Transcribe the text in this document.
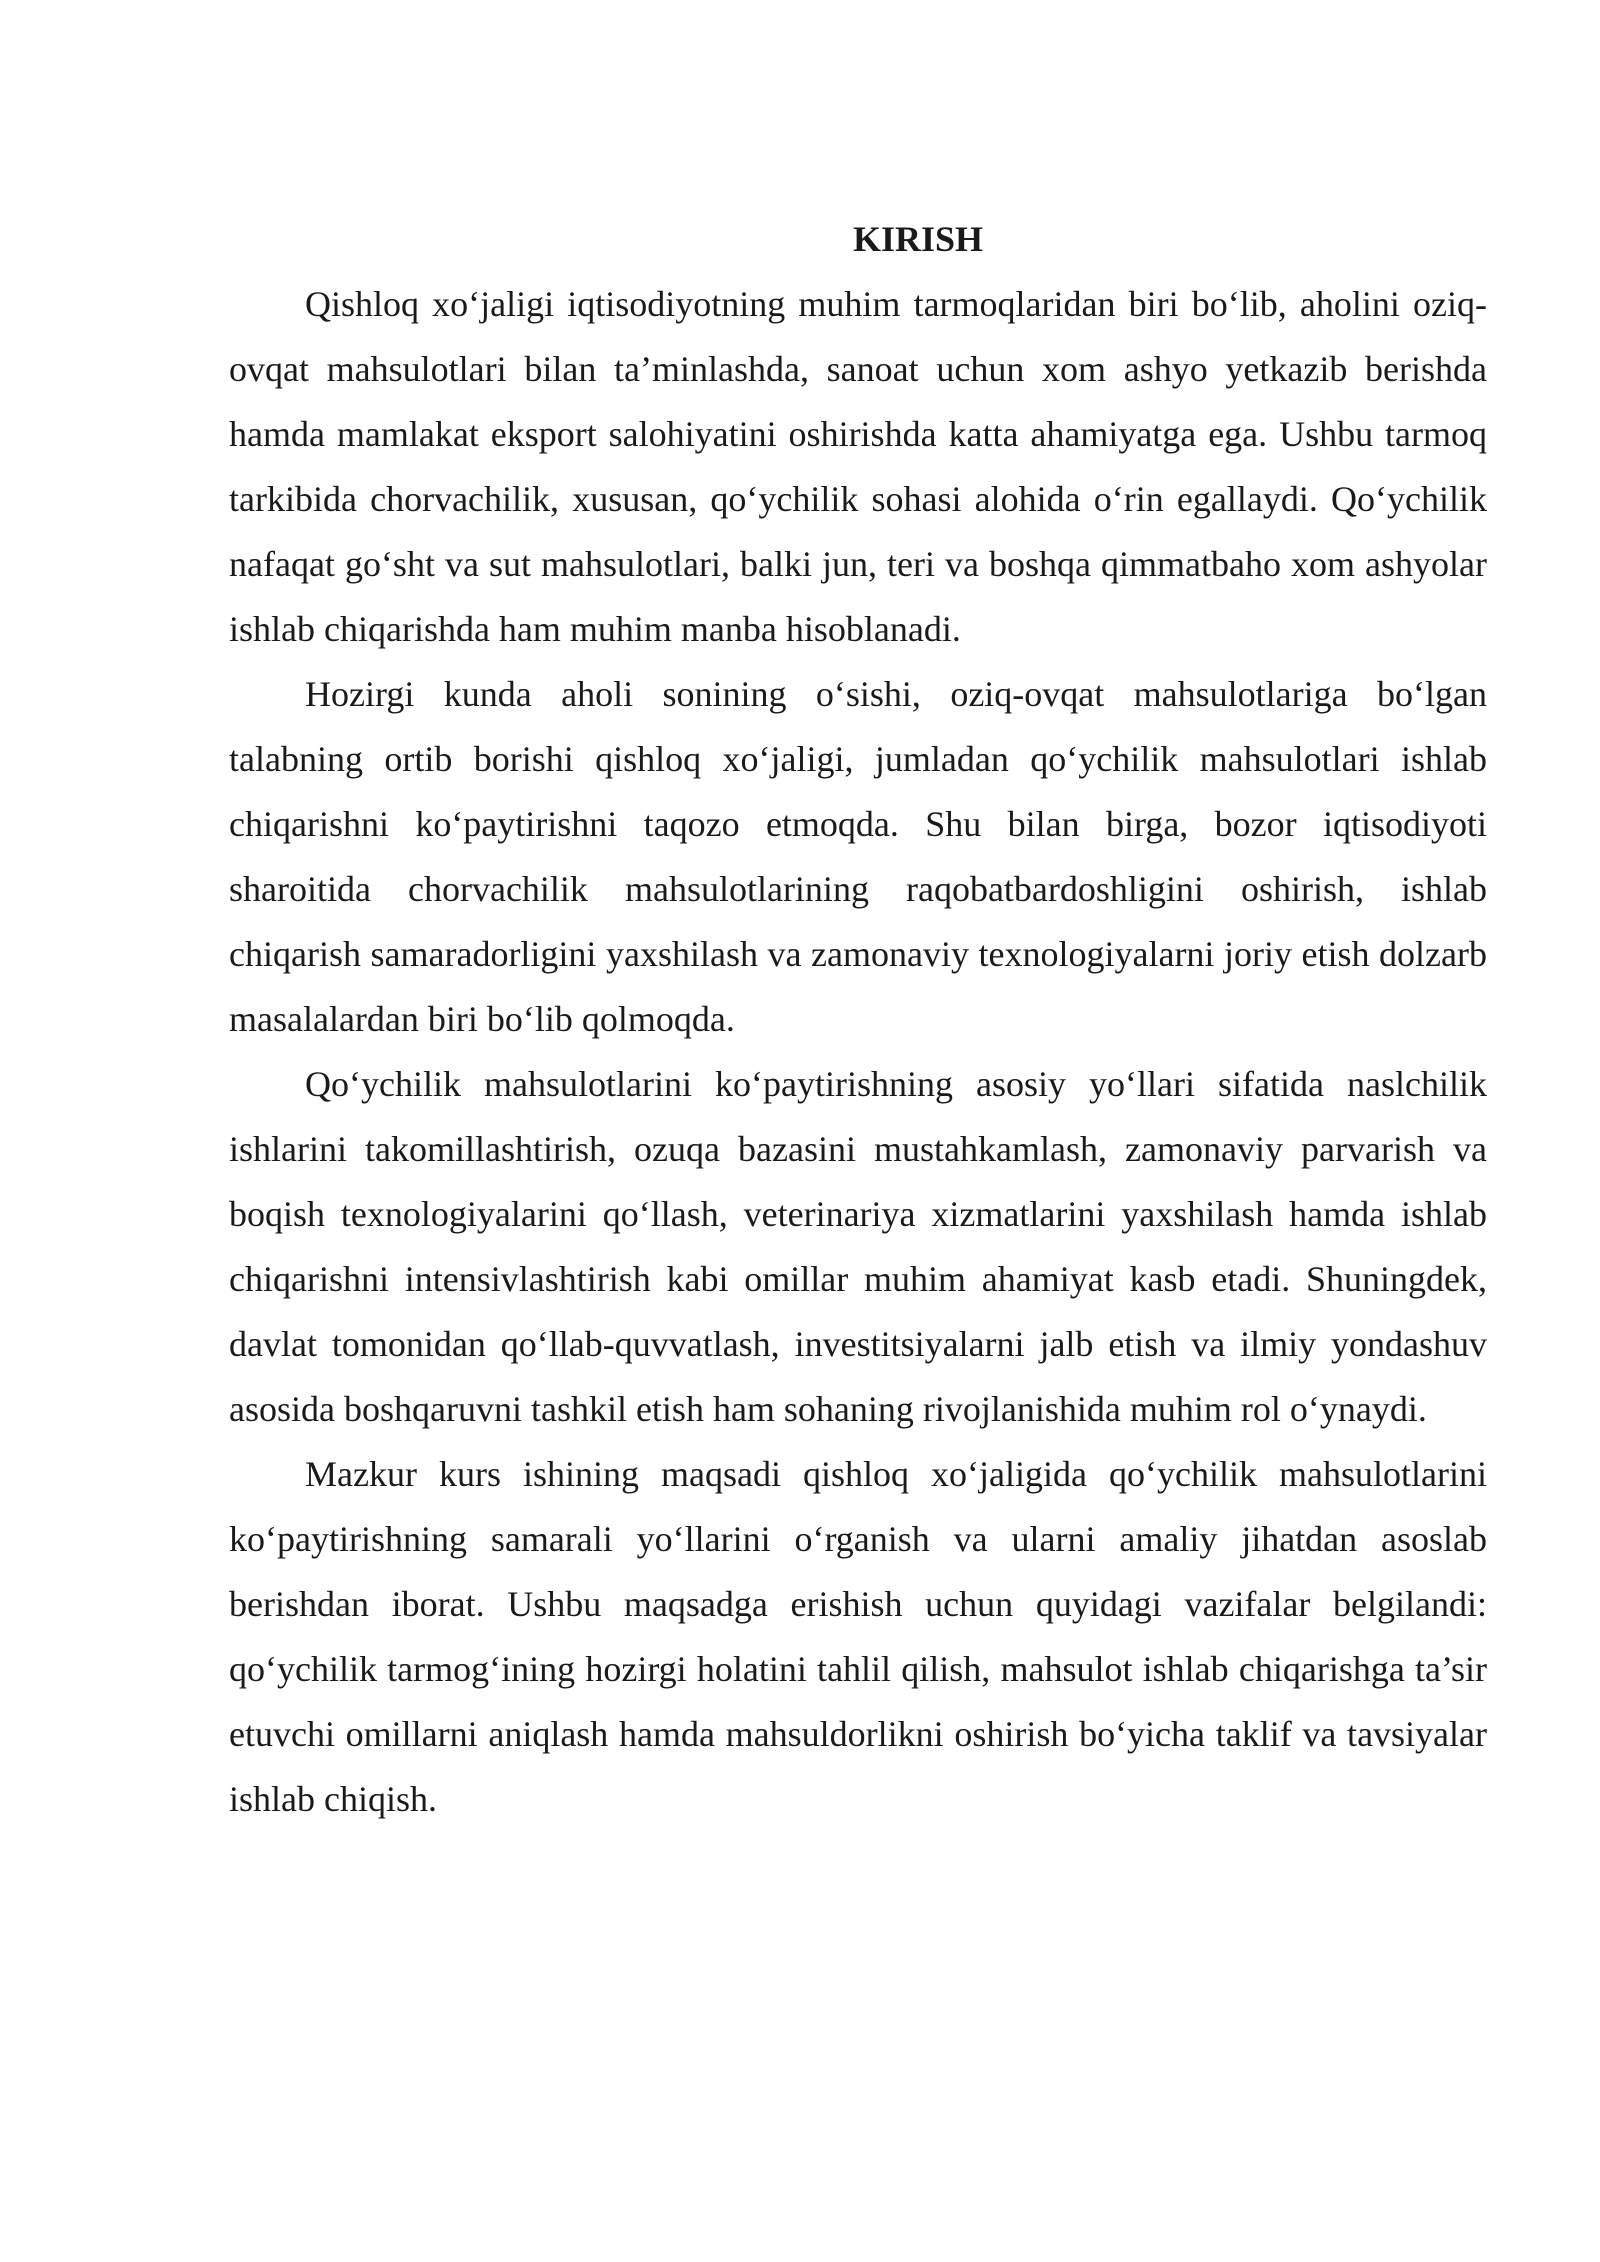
KIRISH

Qishloq xo‘jaligi iqtisodiyotning muhim tarmoqlaridan biri bo‘lib, aholini oziq-ovqat mahsulotlari bilan ta’minlashda, sanoat uchun xom ashyo yetkazib berishda hamda mamlakat eksport salohiyatini oshirishda katta ahamiyatga ega. Ushbu tarmoq tarkibida chorvachilik, xususan, qo‘ychilik sohasi alohida o‘rin egallaydi. Qo‘ychilik nafaqat go‘sht va sut mahsulotlari, balki jun, teri va boshqa qimmatbaho xom ashyolar ishlab chiqarishda ham muhim manba hisoblanadi.

Hozirgi kunda aholi sonining o‘sishi, oziq-ovqat mahsulotlariga bo‘lgan talabning ortib borishi qishloq xo‘jaligi, jumladan qo‘ychilik mahsulotlari ishlab chiqarishni ko‘paytirishni taqozo etmoqda. Shu bilan birga, bozor iqtisodiyoti sharoitida chorvachilik mahsulotlarining raqobatbardoshligini oshirish, ishlab chiqarish samaradorligini yaxshilash va zamonaviy texnologiyalarni joriy etish dolzarb masalalardan biri bo‘lib qolmoqda.

Qo‘ychilik mahsulotlarini ko‘paytirishning asosiy yo‘llari sifatida naslchilik ishlarini takomillashtirish, ozuqa bazasini mustahkamlash, zamonaviy parvarish va boqish texnologiyalarini qo‘llash, veterinariya xizmatlarini yaxshilash hamda ishlab chiqarishni intensivlashtirish kabi omillar muhim ahamiyat kasb etadi. Shuningdek, davlat tomonidan qo‘llab-quvvatlash, investitsiyalarni jalb etish va ilmiy yondashuv asosida boshqaruvni tashkil etish ham sohaning rivojlanishida muhim rol o‘ynaydi.

Mazkur kurs ishining maqsadi qishloq xo‘jaligida qo‘ychilik mahsulotlarini ko‘paytirishning samarali yo‘llarini o‘rganish va ularni amaliy jihatdan asoslab berishdan iborat. Ushbu maqsadga erishish uchun quyidagi vazifalar belgilandi: qo‘ychilik tarmog‘ining hozirgi holatini tahlil qilish, mahsulot ishlab chiqarishga ta’sir etuvchi omillarni aniqlash hamda mahsuldorlikni oshirish bo‘yicha taklif va tavsiyalar ishlab chiqish.
